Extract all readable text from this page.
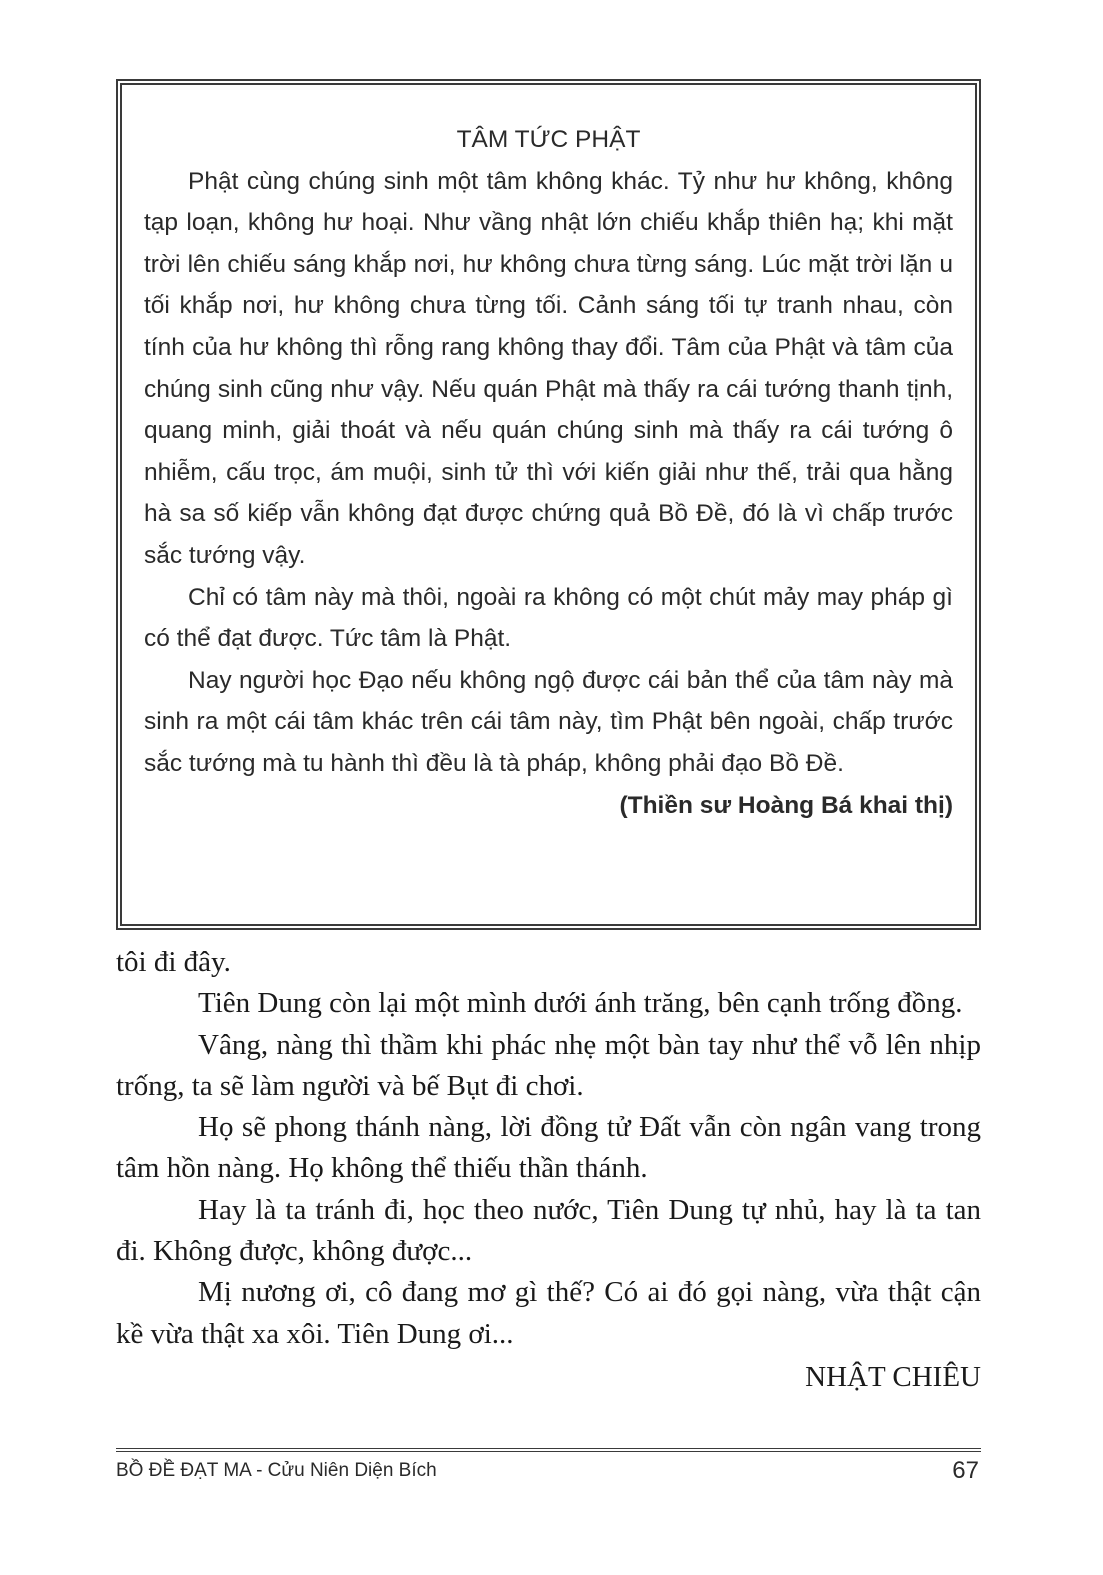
TÂM TỨC PHẬT

Phật cùng chúng sinh một tâm không khác. Tỷ như hư không, không tạp loạn, không hư hoại. Như vầng nhật lớn chiếu khắp thiên hạ; khi mặt trời lên chiếu sáng khắp nơi, hư không chưa từng sáng. Lúc mặt trời lặn u tối khắp nơi, hư không chưa từng tối. Cảnh sáng tối tự tranh nhau, còn tính của hư không thì rỗng rang không thay đổi. Tâm của Phật và tâm của chúng sinh cũng như vậy. Nếu quán Phật mà thấy ra cái tướng thanh tịnh, quang minh, giải thoát và nếu quán chúng sinh mà thấy ra cái tướng ô nhiễm, cấu trọc, ám muội, sinh tử thì với kiến giải như thế, trải qua hằng hà sa số kiếp vẫn không đạt được chứng quả Bồ Đề, đó là vì chấp trước sắc tướng vậy.

Chỉ có tâm này mà thôi, ngoài ra không có một chút mảy may pháp gì có thể đạt được. Tức tâm là Phật.

Nay người học Đạo nếu không ngộ được cái bản thể của tâm này mà sinh ra một cái tâm khác trên cái tâm này, tìm Phật bên ngoài, chấp trước sắc tướng mà tu hành thì đều là tà pháp, không phải đạo Bồ Đề.

(Thiền sư Hoàng Bá khai thị)

tôi đi đây.

Tiên Dung còn lại một mình dưới ánh trăng, bên cạnh trống đồng.

Vâng, nàng thì thầm khi phác nhẹ một bàn tay như thể vỗ lên nhịp trống, ta sẽ làm người và bế Bụt đi chơi.

Họ sẽ phong thánh nàng, lời đồng tử Đất vẫn còn ngân vang trong tâm hồn nàng. Họ không thể thiếu thần thánh.

Hay là ta tránh đi, học theo nước, Tiên Dung tự nhủ, hay là ta tan đi. Không được, không được...

Mị nương ơi, cô đang mơ gì thế? Có ai đó gọi nàng, vừa thật cận kề vừa thật xa xôi. Tiên Dung ơi...

NHẬT CHIÊU

BỒ ĐỀ ĐẠT MA - Cửu Niên Diện Bích	67
